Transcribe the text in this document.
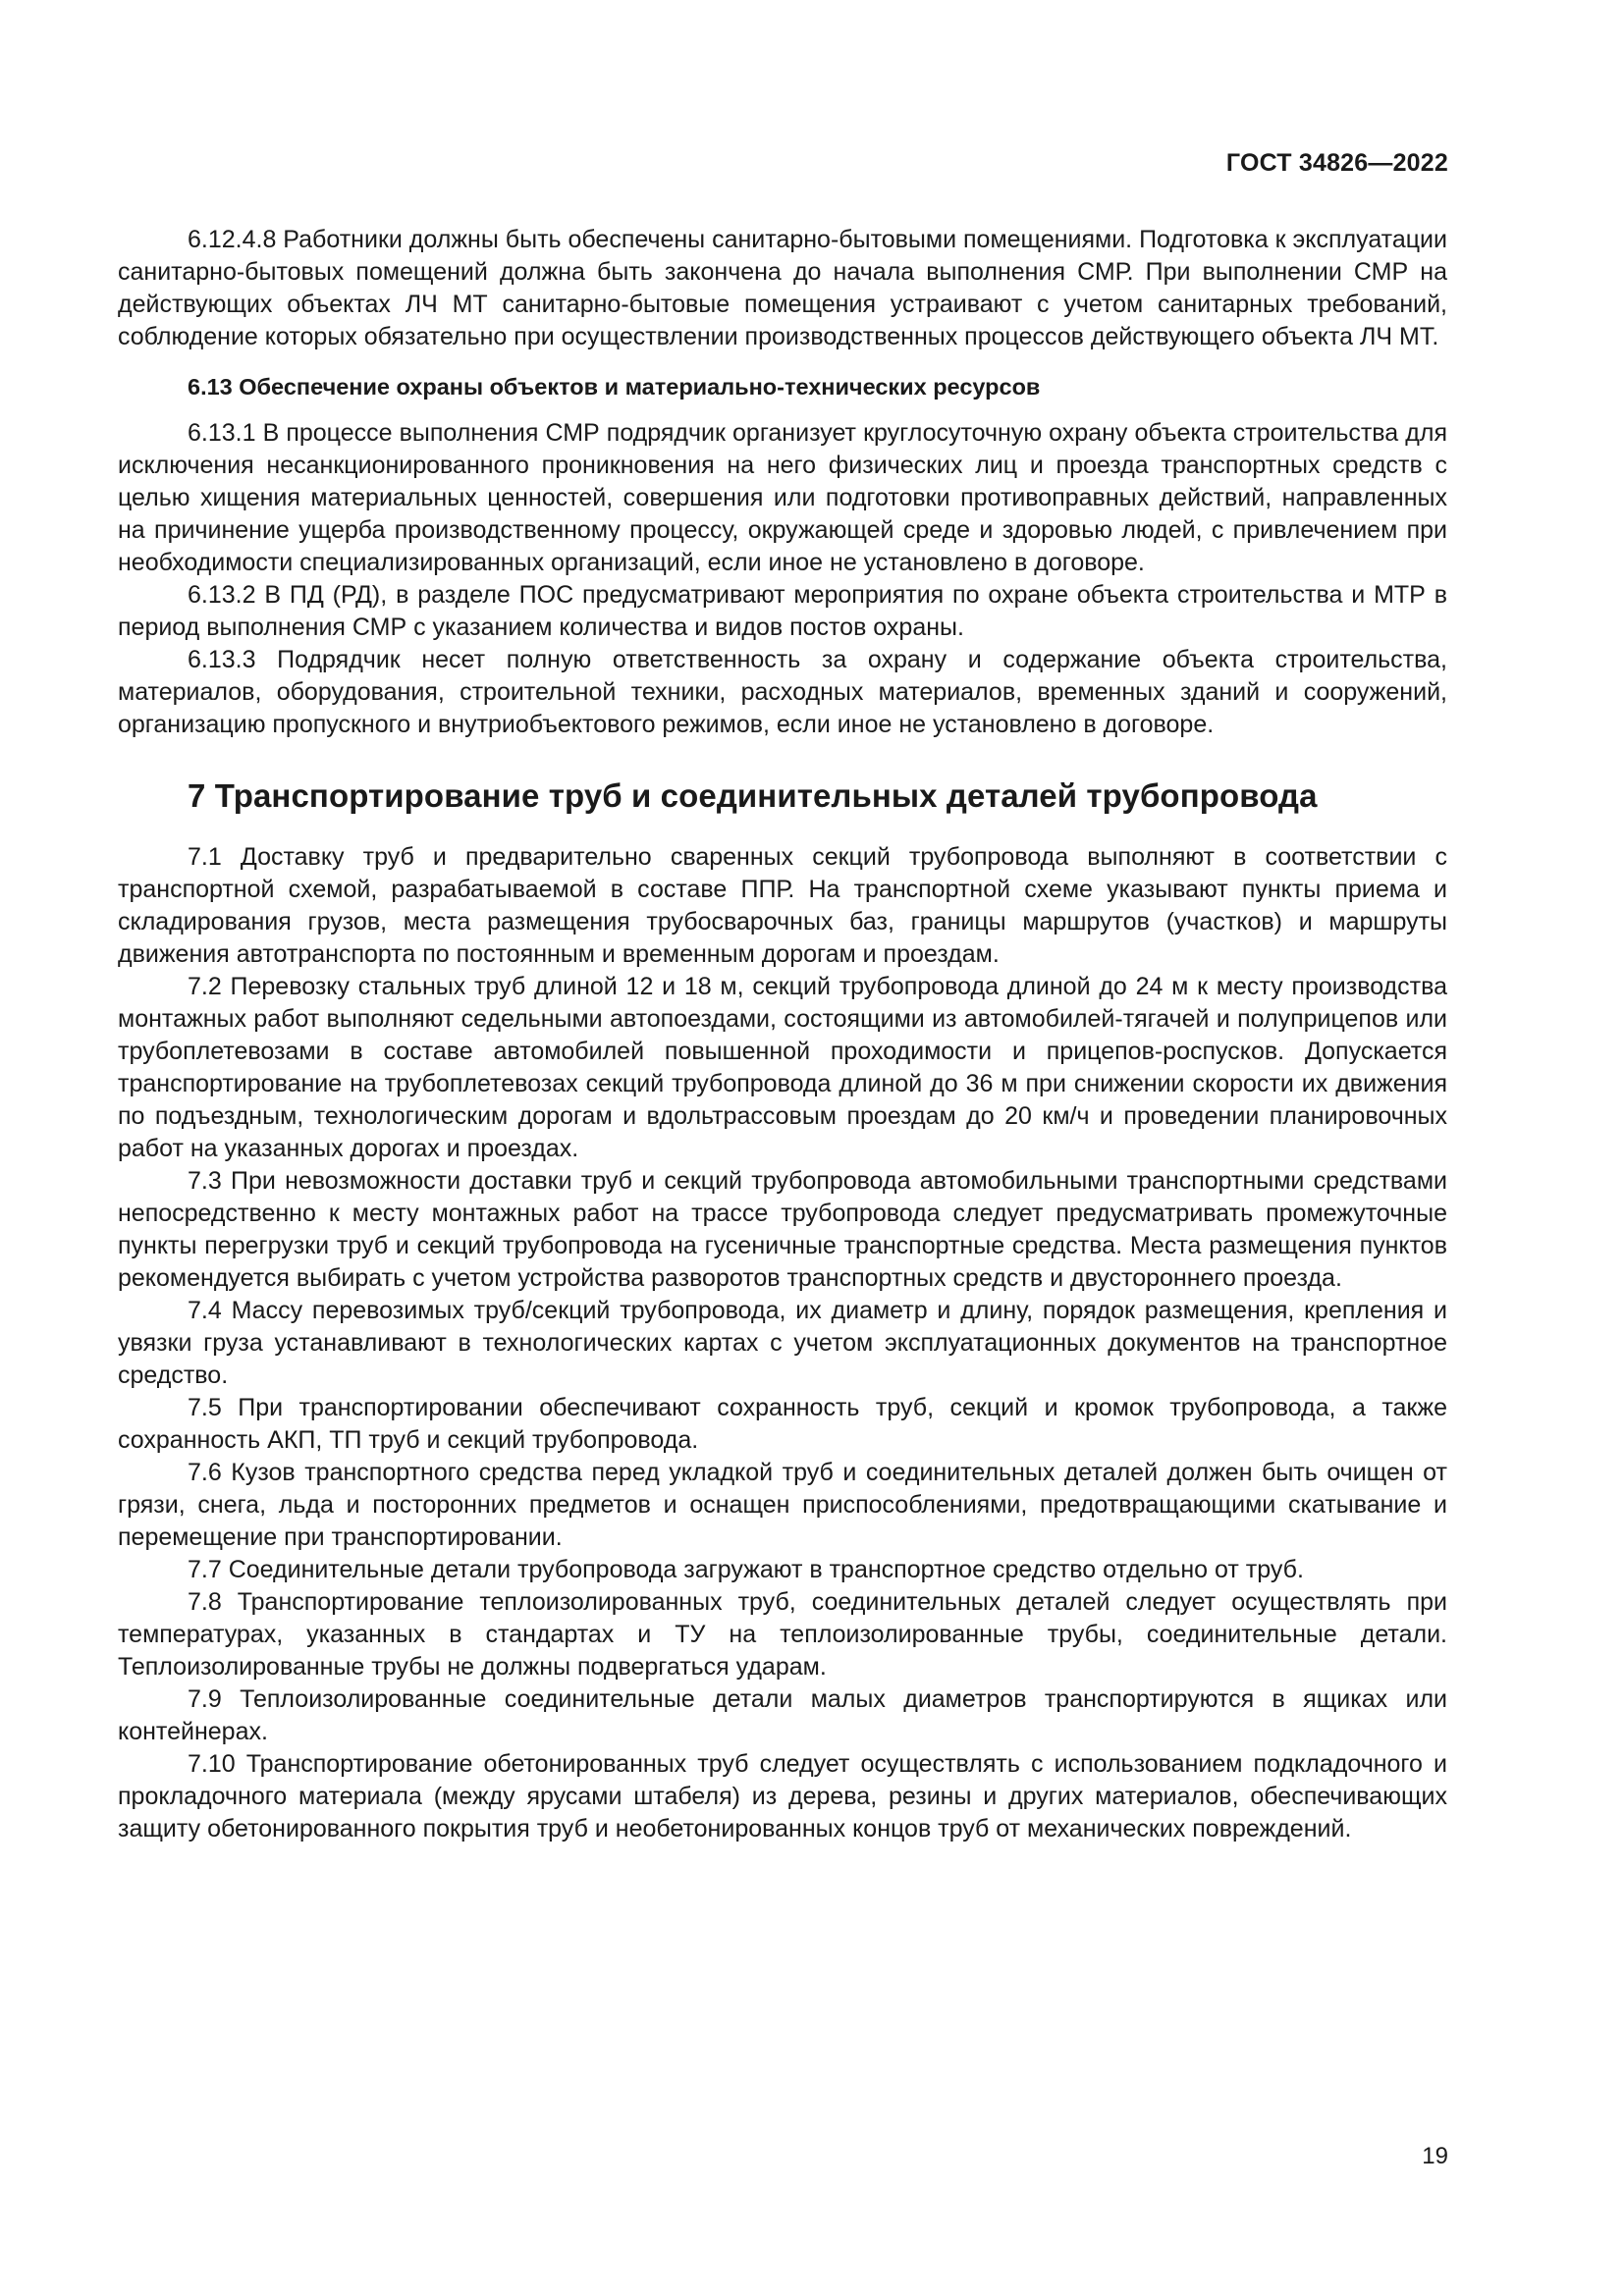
ГОСТ 34826—2022

6.12.4.8 Работники должны быть обеспечены санитарно-бытовыми помещениями. Подготовка к эксплуатации санитарно-бытовых помещений должна быть закончена до начала выполнения СМР. При выполнении СМР на действующих объектах ЛЧ МТ санитарно-бытовые помещения устраивают с учетом санитарных требований, соблюдение которых обязательно при осуществлении производственных процессов действующего объекта ЛЧ МТ.

6.13 Обеспечение охраны объектов и материально-технических ресурсов

6.13.1 В процессе выполнения СМР подрядчик организует круглосуточную охрану объекта строительства для исключения несанкционированного проникновения на него физических лиц и проезда транспортных средств с целью хищения материальных ценностей, совершения или подготовки противоправных действий, направленных на причинение ущерба производственному процессу, окружающей среде и здоровью людей, с привлечением при необходимости специализированных организаций, если иное не установлено в договоре.

6.13.2 В ПД (РД), в разделе ПОС предусматривают мероприятия по охране объекта строительства и МТР в период выполнения СМР с указанием количества и видов постов охраны.

6.13.3 Подрядчик несет полную ответственность за охрану и содержание объекта строительства, материалов, оборудования, строительной техники, расходных материалов, временных зданий и сооружений, организацию пропускного и внутриобъектового режимов, если иное не установлено в договоре.

7 Транспортирование труб и соединительных деталей трубопровода

7.1 Доставку труб и предварительно сваренных секций трубопровода выполняют в соответствии с транспортной схемой, разрабатываемой в составе ППР. На транспортной схеме указывают пункты приема и складирования грузов, места размещения трубосварочных баз, границы маршрутов (участков) и маршруты движения автотранспорта по постоянным и временным дорогам и проездам.

7.2 Перевозку стальных труб длиной 12 и 18 м, секций трубопровода длиной до 24 м к месту производства монтажных работ выполняют седельными автопоездами, состоящими из автомобилей-тягачей и полуприцепов или трубоплетевозами в составе автомобилей повышенной проходимости и прицепов-роспусков. Допускается транспортирование на трубоплетевозах секций трубопровода длиной до 36 м при снижении скорости их движения по подъездным, технологическим дорогам и вдольтрассовым проездам до 20 км/ч и проведении планировочных работ на указанных дорогах и проездах.

7.3 При невозможности доставки труб и секций трубопровода автомобильными транспортными средствами непосредственно к месту монтажных работ на трассе трубопровода следует предусматривать промежуточные пункты перегрузки труб и секций трубопровода на гусеничные транспортные средства. Места размещения пунктов рекомендуется выбирать с учетом устройства разворотов транспортных средств и двустороннего проезда.

7.4 Массу перевозимых труб/секций трубопровода, их диаметр и длину, порядок размещения, крепления и увязки груза устанавливают в технологических картах с учетом эксплуатационных документов на транспортное средство.

7.5 При транспортировании обеспечивают сохранность труб, секций и кромок трубопровода, а также сохранность АКП, ТП труб и секций трубопровода.

7.6 Кузов транспортного средства перед укладкой труб и соединительных деталей должен быть очищен от грязи, снега, льда и посторонних предметов и оснащен приспособлениями, предотвращающими скатывание и перемещение при транспортировании.

7.7 Соединительные детали трубопровода загружают в транспортное средство отдельно от труб.

7.8 Транспортирование теплоизолированных труб, соединительных деталей следует осуществлять при температурах, указанных в стандартах и ТУ на теплоизолированные трубы, соединительные детали. Теплоизолированные трубы не должны подвергаться ударам.

7.9 Теплоизолированные соединительные детали малых диаметров транспортируются в ящиках или контейнерах.

7.10 Транспортирование обетонированных труб следует осуществлять с использованием подкладочного и прокладочного материала (между ярусами штабеля) из дерева, резины и других материалов, обеспечивающих защиту обетонированного покрытия труб и необетонированных концов труб от механических повреждений.

19
